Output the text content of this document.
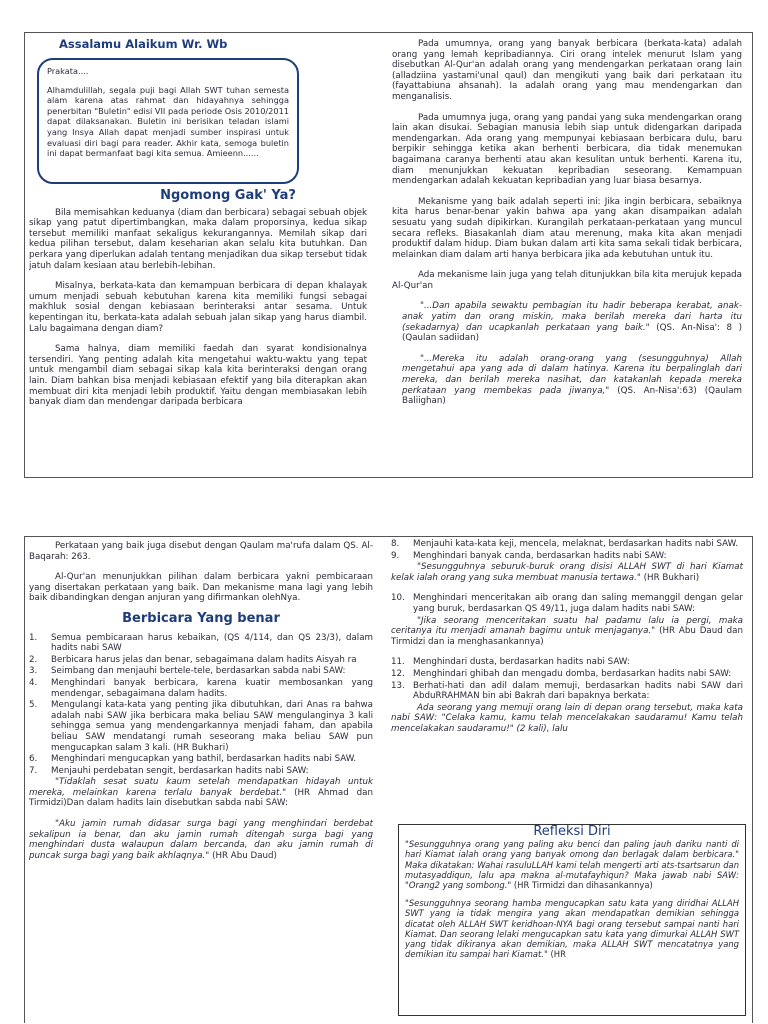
Assalamu Alaikum Wr. Wb

Prakata....

Alhamdulillah, segala puji bagi Allah SWT tuhan semesta alam karena atas rahmat dan hidayahnya sehingga penerbitan "Buletin" edisi VII pada periode Osis 2010/2011 dapat dilaksanakan. Buletin ini berisikan teladan islami yang Insya Allah dapat menjadi sumber inspirasi untuk evaluasi diri bagi para reader. Akhir kata, semoga buletin ini dapat bermanfaat bagi kita semua. Amieenn......

Ngomong Gak' Ya?

Bila memisahkan keduanya (diam dan berbicara) sebagai sebuah objek sikap yang patut dipertimbangkan, maka dalam proporsinya, kedua sikap tersebut memiliki manfaat sekaligus kekurangannya. Memilah sikap dari kedua pilihan tersebut, dalam keseharian akan selalu kita butuhkan. Dan perkara yang diperlukan adalah tentang menjadikan dua sikap tersebut tidak jatuh dalam kesiaan atau berlebih-lebihan.

Misalnya, berkata-kata dan kemampuan berbicara di depan khalayak umum menjadi sebuah kebutuhan karena kita memiliki fungsi sebagai makhluk sosial dengan kebiasaan berinteraksi antar sesama. Untuk kepentingan itu, berkata-kata adalah sebuah jalan sikap yang harus diambil. Lalu bagaimana dengan diam?

Sama halnya, diam memiliki faedah dan syarat kondisionalnya tersendiri. Yang penting adalah kita mengetahui waktu-waktu yang tepat untuk mengambil diam sebagai sikap kala kita berinteraksi dengan orang lain. Diam bahkan bisa menjadi kebiasaan efektif yang bila diterapkan akan membuat diri kita menjadi lebih produktif. Yaitu dengan membiasakan lebih banyak diam dan mendengar daripada berbicara

Pada umumnya, orang yang banyak berbicara (berkata-kata) adalah orang yang lemah kepribadiannya. Ciri orang intelek menurut Islam yang disebutkan Al-Qur'an adalah orang yang mendengarkan perkataan orang lain (alladziina yastami'unal qaul) dan mengikuti yang baik dari perkataan itu (fayattabiuna ahsanah). Ia adalah orang yang mau mendengarkan dan menganalisis.

Pada umumnya juga, orang yang pandai yang suka mendengarkan orang lain akan disukai. Sebagian manusia lebih siap untuk didengarkan daripada mendengarkan. Ada orang yang mempunyai kebiasaan berbicara dulu, baru berpikir sehingga ketika akan berhenti berbicara, dia tidak menemukan bagaimana caranya berhenti atau akan kesulitan untuk berhenti. Karena itu, diam menunjukkan kekuatan kepribadian seseorang. Kemampuan mendengarkan adalah kekuatan kepribadian yang luar biasa besarnya.

Mekanisme yang baik adalah seperti ini: Jika ingin berbicara, sebaiknya kita harus benar-benar yakin bahwa apa yang akan disampaikan adalah sesuatu yang sudah dipikirkan. Kurangilah perkataan-perkataan yang muncul secara refleks. Biasakanlah diam atau merenung, maka kita akan menjadi produktif dalam hidup. Diam bukan dalam arti kita sama sekali tidak berbicara, melainkan diam dalam arti hanya berbicara jika ada kebutuhan untuk itu.

Ada mekanisme lain juga yang telah ditunjukkan bila kita merujuk kepada Al-Qur'an

"...Dan apabila sewaktu pembagian itu hadir beberapa kerabat, anak-anak yatim dan orang miskin, maka berilah mereka dari harta itu (sekadarnya) dan ucapkanlah perkataan yang baik." (QS. An-Nisa': 8 ) (Qaulan sadiidan)

"...Mereka itu adalah orang-orang yang (sesungguhnya) Allah mengetahui apa yang ada di dalam hatinya. Karena itu berpalinglah dari mereka, dan berilah mereka nasihat, dan katakanlah kepada mereka perkataan yang membekas pada jiwanya," (QS. An-Nisa':63) (Qaulam Baliighan)

Perkataan yang baik juga disebut dengan Qaulam ma'rufa dalam QS. Al-Baqarah: 263.

Al-Qur'an menunjukkan pilihan dalam berbicara yakni pembicaraan yang disertakan perkataan yang baik. Dan mekanisme mana lagi yang lebih baik dibandingkan dengan anjuran yang difirmankan olehNya.

Berbicara Yang benar
1. Semua pembicaraan harus kebaikan, (QS 4/114, dan QS 23/3), dalam hadits nabi SAW
2. Berbicara harus jelas dan benar, sebagaimana dalam hadits Aisyah ra
3. Seimbang dan menjauhi bertele-tele, berdasarkan sabda nabi SAW:
4. Menghindari banyak berbicara, karena kuatir membosankan yang mendengar, sebagaimana dalam hadits.
5. Mengulangi kata-kata yang penting jika dibutuhkan, dari Anas ra bahwa adalah nabi SAW jika berbicara maka beliau SAW mengulanginya 3 kali sehingga semua yang mendengarkannya menjadi faham, dan apabila beliau SAW mendatangi rumah seseorang maka beliau SAW pun mengucapkan salam 3 kali. (HR Bukhari)
6. Menghindari mengucapkan yang bathil, berdasarkan hadits nabi SAW.
7. Menjauhi perdebatan sengit, berdasarkan hadits nabi SAW:

"Tidaklah sesat suatu kaum setelah mendapatkan hidayah untuk mereka, melainkan karena terlalu banyak berdebat." (HR Ahmad dan Tirmidzi)Dan dalam hadits lain disebutkan sabda nabi SAW:

"Aku jamin rumah didasar surga bagi yang menghindari berdebat sekalipun ia benar, dan aku jamin rumah ditengah surga bagi yang menghindari dusta walaupun dalam bercanda, dan aku jamin rumah di puncak surga bagi yang baik akhlaqnya." (HR Abu Daud)

8. Menjauhi kata-kata keji, mencela, melaknat, berdasarkan hadits nabi SAW.
9. Menghindari banyak canda, berdasarkan hadits nabi SAW:

"Sesungguhnya seburuk-buruk orang disisi ALLAH SWT di hari Kiamat kelak ialah orang yang suka membuat manusia tertawa." (HR Bukhari)

10. Menghindari menceritakan aib orang dan saling memanggil dengan gelar yang buruk, berdasarkan QS 49/11, juga dalam hadits nabi SAW:

"Jika seorang menceritakan suatu hal padamu lalu ia pergi, maka ceritanya itu menjadi amanah bagimu untuk menjaganya." (HR Abu Daud dan Tirmidzi dan ia menghasankannya)

11. Menghindari dusta, berdasarkan hadits nabi SAW:
12. Menghindari ghibah dan mengadu domba, berdasarkan hadits nabi SAW:
13. Berhati-hati dan adil dalam memuji, berdasarkan hadits nabi SAW dari AbduRRAHMAN bin abi Bakrah dari bapaknya berkata:

Ada seorang yang memuji orang lain di depan orang tersebut, maka kata nabi SAW: "Celaka kamu, kamu telah mencelakakan saudaramu! Kamu telah mencelakakan saudaramu!" (2 kali), lalu

Refleksi Diri

"Sesungguhnya orang yang paling aku benci dan paling jauh dariku nanti di hari Kiamat ialah orang yang banyak omong dan berlagak dalam berbicara." Maka dikatakan: Wahai rasuluLLAH kami telah mengerti arti ats-tsartsarun dan mutasyaddiqun, lalu apa makna al-mutafayhiqun? Maka jawab nabi SAW: "Orang2 yang sombong." (HR Tirmidzi dan dihasankannya)

"Sesungguhnya seorang hamba mengucapkan satu kata yang diridhai ALLAH SWT yang ia tidak mengira yang akan mendapatkan demikian sehingga dicatat oleh ALLAH SWT keridhoan-NYA bagi orang tersebut sampai nanti hari Kiamat. Dan seorang lelaki mengucapkan satu kata yang dimurkai ALLAH SWT yang tidak dikiranya akan demikian, maka ALLAH SWT mencatatnya yang demikian itu sampai hari Kiamat." (HR
